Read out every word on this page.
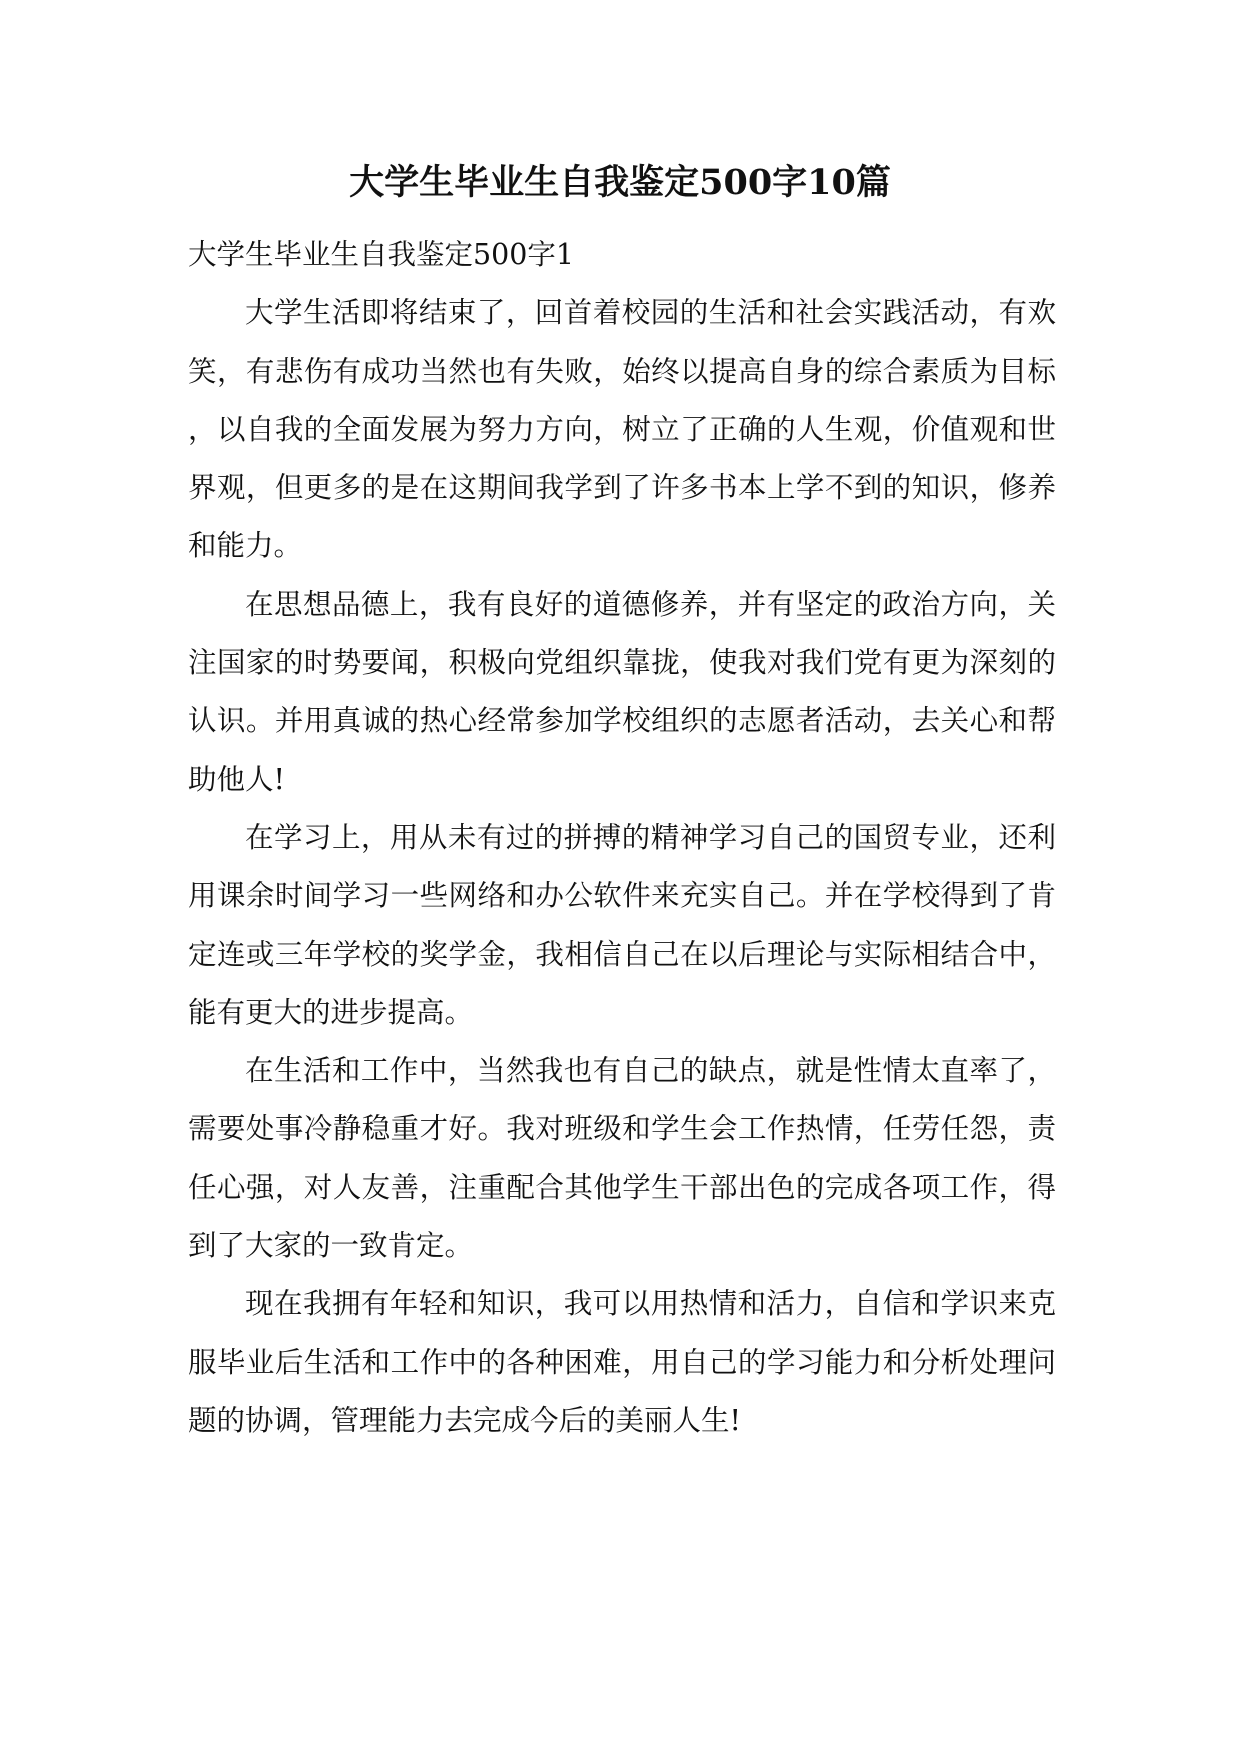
大学生毕业生自我鉴定500字10篇
大学生毕业生自我鉴定500字1

大学生活即将结束了，回首着校园的生活和社会实践活动，有欢笑，有悲伤有成功当然也有失败，始终以提高自身的综合素质为目标，以自我的全面发展为努力方向，树立了正确的人生观，价值观和世界观，但更多的是在这期间我学到了许多书本上学不到的知识，修养和能力。

在思想品德上，我有良好的道德修养，并有坚定的政治方向，关注国家的时势要闻，积极向党组织靠拢，使我对我们党有更为深刻的认识。并用真诚的热心经常参加学校组织的志愿者活动，去关心和帮助他人!

在学习上，用从未有过的拼搏的精神学习自己的国贸专业，还利用课余时间学习一些网络和办公软件来充实自己。并在学校得到了肯定连或三年学校的奖学金，我相信自己在以后理论与实际相结合中，能有更大的进步提高。

在生活和工作中，当然我也有自己的缺点，就是性情太直率了，需要处事冷静稳重才好。我对班级和学生会工作热情，任劳任怨，责任心强，对人友善，注重配合其他学生干部出色的完成各项工作，得到了大家的一致肯定。

现在我拥有年轻和知识，我可以用热情和活力，自信和学识来克服毕业后生活和工作中的各种困难，用自己的学习能力和分析处理问题的协调，管理能力去完成今后的美丽人生!
